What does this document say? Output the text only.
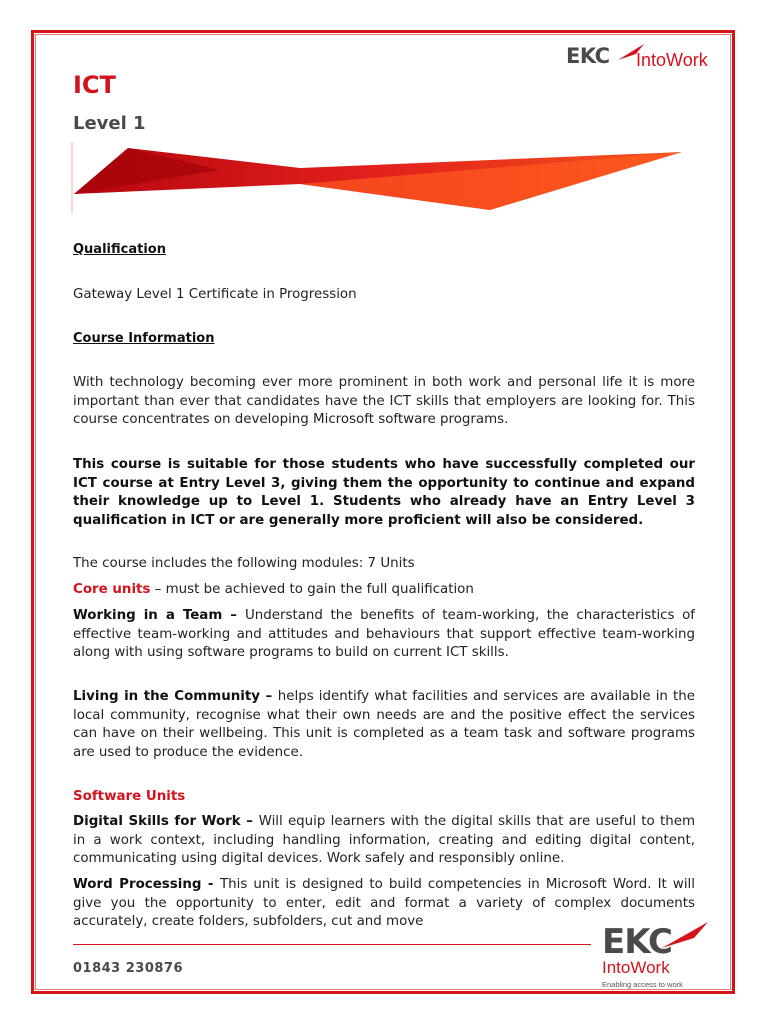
EKC IntoWork
ICT
Level 1
Qualification
Gateway Level 1 Certificate in Progression
Course Information
With technology becoming ever more prominent in both work and personal life it is more important than ever that candidates have the ICT skills that employers are looking for. This course concentrates on developing Microsoft software programs.
This course is suitable for those students who have successfully completed our ICT course at Entry Level 3, giving them the opportunity to continue and expand their knowledge up to Level 1. Students who already have an Entry Level 3 qualification in ICT or are generally more proficient will also be considered.
The course includes the following modules: 7 Units
Core units – must be achieved to gain the full qualification
Working in a Team – Understand the benefits of team-working, the characteristics of effective team-working and attitudes and behaviours that support effective team-working along with using software programs to build on current ICT skills.
Living in the Community – helps identify what facilities and services are available in the local community, recognise what their own needs are and the positive effect the services can have on their wellbeing. This unit is completed as a team task and software programs are used to produce the evidence.
Software Units
Digital Skills for Work – Will equip learners with the digital skills that are useful to them in a work context, including handling information, creating and editing digital content, communicating using digital devices. Work safely and responsibly online.
Word Processing - This unit is designed to build competencies in Microsoft Word. It will give you the opportunity to enter, edit and format a variety of complex documents accurately, create folders, subfolders, cut and move
01843 230876
EKC
IntoWork
Enabling access to work
